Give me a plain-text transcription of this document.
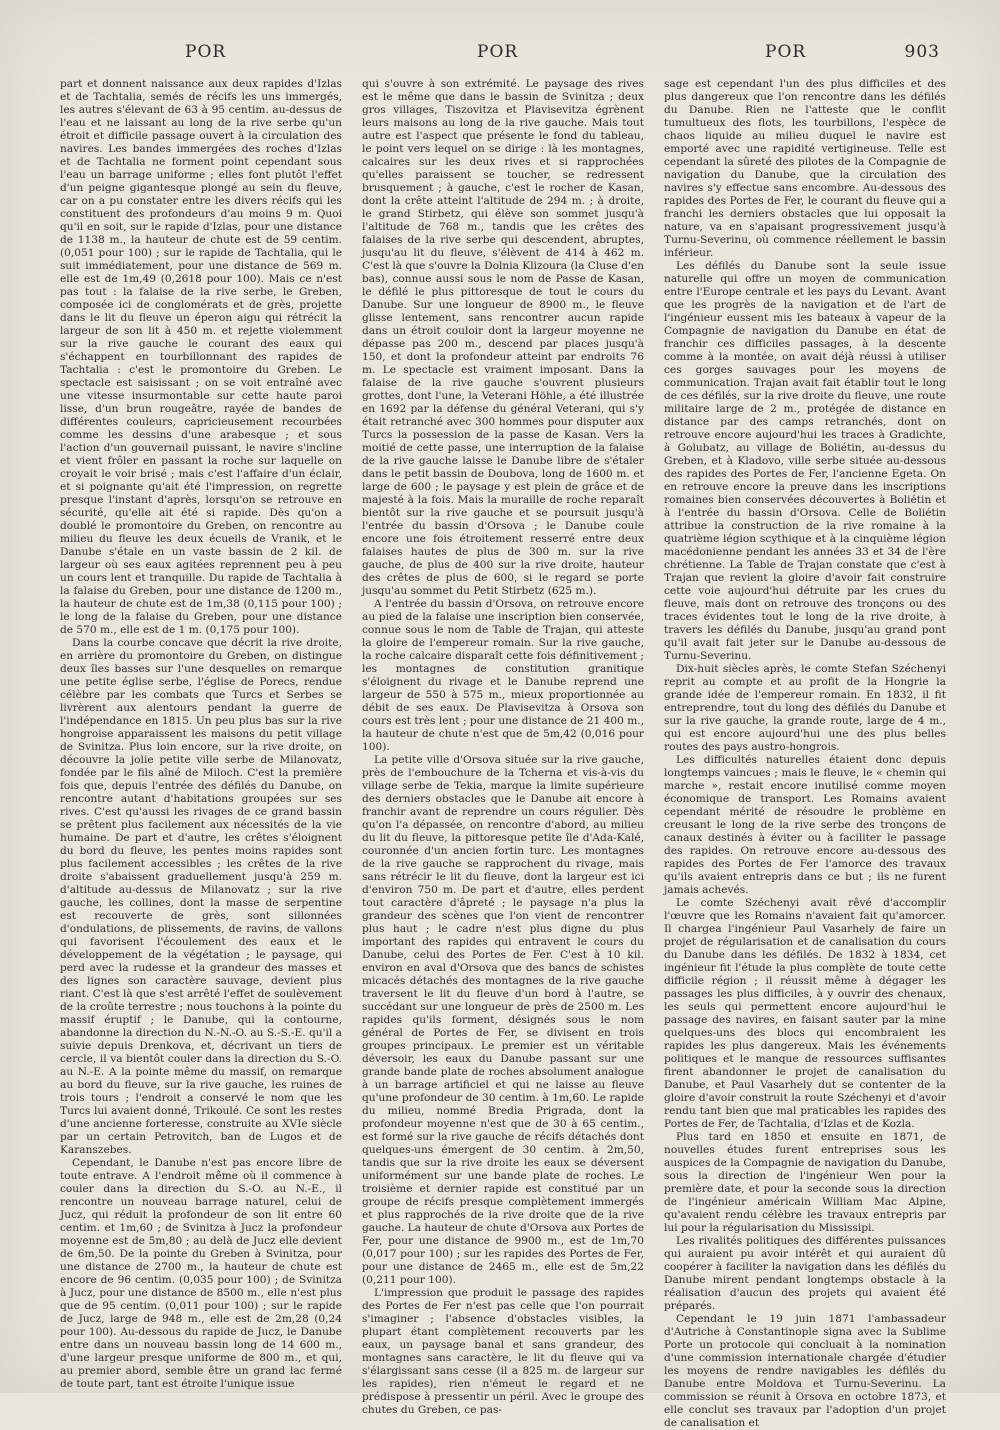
POR	POR	POR	903

part et donnent naissance aux deux rapides d'Izlas et de Tachtalia, semés de récifs les uns immergés, les autres s'élevant de 63 à 95 centim. au-dessus de l'eau et ne laissant au long de la rive serbe qu'un étroit et difficile passage ouvert à la circulation des navires. Les bandes immergées des roches d'Izlas et de Tachtalia ne forment point cependant sous l'eau un barrage uniforme ; elles font plutôt l'effet d'un peigne gigantesque plongé au sein du fleuve, car on a pu constater entre les divers récifs qui les constituent des profondeurs d'au moins 9 m. Quoi qu'il en soit, sur le rapide d'Izlas, pour une distance de 1138 m., la hauteur de chute est de 59 centim. (0,051 pour 100) ; sur le rapide de Tachtalia, qui le suit immédiatement, pour une distance de 569 m. elle est de 1m,49 (0,2618 pour 100). Mais ce n'est pas tout : la falaise de la rive serbe, le Greben, composée ici de conglomérats et de grès, projette dans le lit du fleuve un éperon aigu qui rétrécit la largeur de son lit à 450 m. et rejette violemment sur la rive gauche le courant des eaux qui s'échappent en tourbillonnant des rapides de Tachtalia : c'est le promontoire du Greben. Le spectacle est saisissant ; on se voit entraîné avec une vitesse insurmontable sur cette haute paroi lisse, d'un brun rougeâtre, rayée de bandes de différentes couleurs, capricieusement recourbées comme les dessins d'une arabesque ; et sous l'action d'un gouvernail puissant, le navire s'incline et vient frôler en passant la roche sur laquelle on croyait le voir brisé ; mais c'est l'affaire d'un éclair, et si poignante qu'ait été l'impression, on regrette presque l'instant d'après, lorsqu'on se retrouve en sécurité, qu'elle ait été si rapide. Dès qu'on a doublé le promontoire du Greben, on rencontre au milieu du fleuve les deux écueils de Vranik, et le Danube s'étale en un vaste bassin de 2 kil. de largeur où ses eaux agitées reprennent peu à peu un cours lent et tranquille. Du rapide de Tachtalia à la falaise du Greben, pour une distance de 1200 m., la hauteur de chute est de 1m,38 (0,115 pour 100) ; le long de la falaise du Greben, pour une distance de 570 m., elle est de 1 m. (0,175 pour 100).

Dans la courbe concave que décrit la rive droite, en arrière du promontoire du Greben, on distingue deux îles basses sur l'une desquelles on remarque une petite église serbe, l'église de Porecs, rendue célèbre par les combats que Turcs et Serbes se livrèrent aux alentours pendant la guerre de l'indépendance en 1815. Un peu plus bas sur la rive hongroise apparaissent les maisons du petit village de Svinitza. Plus loin encore, sur la rive droite, on découvre la jolie petite ville serbe de Milanovatz, fondée par le fils aîné de Miloch. C'est la première fois que, depuis l'entrée des défilés du Danube, on rencontre autant d'habitations groupées sur ses rives. C'est qu'aussi les rivages de ce grand bassin se prêtent plus facilement aux nécessités de la vie humaine. De part et d'autre, les crêtes s'éloignent du bord du fleuve, les pentes moins rapides sont plus facilement accessibles ; les crêtes de la rive droite s'abaissent graduellement jusqu'à 259 m. d'altitude au-dessus de Milanovatz ; sur la rive gauche, les collines, dont la masse de serpentine est recouverte de grès, sont sillonnées d'ondulations, de plissements, de ravins, de vallons qui favorisent l'écoulement des eaux et le développement de la végétation ; le paysage, qui perd avec la rudesse et la grandeur des masses et des lignes son caractère sauvage, devient plus riant. C'est là que s'est arrêté l'effet de soulèvement de la croûte terrestre ; nous touchons à la pointe du massif éruptif ; le Danube, qui la contourne, abandonne la direction du N.-N.-O. au S.-S.-E. qu'il a suivie depuis Drenkova, et, décrivant un tiers de cercle, il va bientôt couler dans la direction du S.-O. au N.-E. A la pointe même du massif, on remarque au bord du fleuve, sur la rive gauche, les ruines de trois tours ; l'endroit a conservé le nom que les Turcs lui avaient donné, Trikoulé. Ce sont les restes d'une ancienne forteresse, construite au XVIe siècle par un certain Petrovitch, ban de Lugos et de Karanszebes.

Cependant, le Danube n'est pas encore libre de toute entrave. A l'endroit même où il commence à couler dans la direction du S.-O. au N.-E., il rencontre un nouveau barrage naturel, celui de Jucz, qui réduit la profondeur de son lit entre 60 centim. et 1m,60 ; de Svinitza à Jucz la profondeur moyenne est de 5m,80 ; au delà de Jucz elle devient de 6m,50. De la pointe du Greben à Svinitza, pour une distance de 2700 m., la hauteur de chute est encore de 96 centim. (0,035 pour 100) ; de Svinitza à Jucz, pour une distance de 8500 m., elle n'est plus que de 95 centim. (0,011 pour 100) ; sur le rapide de Jucz, large de 948 m., elle est de 2m,28 (0,24 pour 100). Au-dessous du rapide de Jucz, le Danube entre dans un nouveau bassin long de 14 600 m., d'une largeur presque uniforme de 800 m., et qui, au premier abord, semble être un grand lac fermé de toute part, tant est étroite l'unique issue

qui s'ouvre à son extrémité. Le paysage des rives est le même que dans le bassin de Svinitza ; deux gros villages, Tiszovitza et Plavisevitza égrènent leurs maisons au long de la rive gauche. Mais tout autre est l'aspect que présente le fond du tableau, le point vers lequel on se dirige : là les montagnes, calcaires sur les deux rives et si rapprochées qu'elles paraissent se toucher, se redressent brusquement ; à gauche, c'est le rocher de Kasan, dont la crête atteint l'altitude de 294 m. ; à droite, le grand Stirbetz, qui élève son sommet jusqu'à l'altitude de 768 m., tandis que les crêtes des falaises de la rive serbe qui descendent, abruptes, jusqu'au lit du fleuve, s'élèvent de 414 à 462 m. C'est là que s'ouvre la Dolnia Klizoura (la Cluse d'en bas), connue aussi sous le nom de Passe de Kasan, le défilé le plus pittoresque de tout le cours du Danube. Sur une longueur de 8900 m., le fleuve glisse lentement, sans rencontrer aucun rapide dans un étroit couloir dont la largeur moyenne ne dépasse pas 200 m., descend par places jusqu'à 150, et dont la profondeur atteint par endroits 76 m. Le spectacle est vraiment imposant. Dans la falaise de la rive gauche s'ouvrent plusieurs grottes, dont l'une, la Veterani Höhle, a été illustrée en 1692 par la défense du général Veterani, qui s'y était retranché avec 300 hommes pour disputer aux Turcs la possession de la passe de Kasan. Vers la moitié de cette passe, une interruption de la falaise de la rive gauche laisse le Danube libre de s'étaler dans le petit bassin de Doubova, long de 1600 m. et large de 600 ; le paysage y est plein de grâce et de majesté à la fois. Mais la muraille de roche reparaît bientôt sur la rive gauche et se poursuit jusqu'à l'entrée du bassin d'Orsova ; le Danube coule encore une fois étroitement resserré entre deux falaises hautes de plus de 300 m. sur la rive gauche, de plus de 400 sur la rive droite, hauteur des crêtes de plus de 600, si le regard se porte jusqu'au sommet du Petit Stirbetz (625 m.).

A l'entrée du bassin d'Orsova, on retrouve encore au pied de la falaise une inscription bien conservée, connue sous le nom de Table de Trajan, qui atteste la gloire de l'empereur romain. Sur la rive gauche, la roche calcaire disparaît cette fois définitivement ; les montagnes de constitution granitique s'éloignent du rivage et le Danube reprend une largeur de 550 à 575 m., mieux proportionnée au débit de ses eaux. De Plavisevitza à Orsova son cours est très lent ; pour une distance de 21 400 m., la hauteur de chute n'est que de 5m,42 (0,016 pour 100).

La petite ville d'Orsova située sur la rive gauche, près de l'embouchure de la Tcherna et vis-à-vis du village serbe de Tekia, marque la limite supérieure des derniers obstacles que le Danube ait encore à franchir avant de reprendre un cours régulier. Dès qu'on l'a dépassée, on rencontre d'abord, au milieu du lit du fleuve, la pittoresque petite île d'Ada-Kalé, couronnée d'un ancien fortin turc. Les montagnes de la rive gauche se rapprochent du rivage, mais sans rétrécir le lit du fleuve, dont la largeur est ici d'environ 750 m. De part et d'autre, elles perdent tout caractère d'âpreté ; le paysage n'a plus la grandeur des scènes que l'on vient de rencontrer plus haut ; le cadre n'est plus digne du plus important des rapides qui entravent le cours du Danube, celui des Portes de Fer. C'est à 10 kil. environ en aval d'Orsova que des bancs de schistes micacés détachés des montagnes de la rive gauche traversent le lit du fleuve d'un bord à l'autre, se succédant sur une longueur de près de 2500 m. Les rapides qu'ils forment, désignés sous le nom général de Portes de Fer, se divisent en trois groupes principaux. Le premier est un véritable déversoir, les eaux du Danube passant sur une grande bande plate de roches absolument analogue à un barrage artificiel et qui ne laisse au fleuve qu'une profondeur de 30 centim. à 1m,60. Le rapide du milieu, nommé Bredia Prigrada, dont la profondeur moyenne n'est que de 30 à 65 centim., est formé sur la rive gauche de récifs détachés dont quelques-uns émergent de 30 centim. à 2m,50, tandis que sur la rive droite les eaux se déversent uniformément sur une bande plate de roches. Le troisième et dernier rapide est constitué par un groupe de récifs presque complètement immergés et plus rapprochés de la rive droite que de la rive gauche. La hauteur de chute d'Orsova aux Portes de Fer, pour une distance de 9900 m., est de 1m,70 (0,017 pour 100) ; sur les rapides des Portes de Fer, pour une distance de 2465 m., elle est de 5m,22 (0,211 pour 100).

L'impression que produit le passage des rapides des Portes de Fer n'est pas celle que l'on pourrait s'imaginer ; l'absence d'obstacles visibles, la plupart étant complètement recouverts par les eaux, un paysage banal et sans grandeur, des montagnes sans caractère, le lit du fleuve qui va s'élargissant sans cesse (il a 825 m. de largeur sur les rapides), rien n'émeut le regard et ne prédispose à pressentir un péril. Avec le groupe des chutes du Greben, ce pas-

sage est cependant l'un des plus difficiles et des plus dangereux que l'on rencontre dans les défilés du Danube. Rien ne l'atteste que le conflit tumultueux des flots, les tourbillons, l'espèce de chaos liquide au milieu duquel le navire est emporté avec une rapidité vertigineuse. Telle est cependant la sûreté des pilotes de la Compagnie de navigation du Danube, que la circulation des navires s'y effectue sans encombre. Au-dessous des rapides des Portes de Fer, le courant du fleuve qui a franchi les derniers obstacles que lui opposait la nature, va en s'apaisant progressivement jusqu'à Turnu-Severinu, où commence réellement le bassin inférieur.

Les défilés du Danube sont la seule issue naturelle qui offre un moyen de communication entre l'Europe centrale et les pays du Levant. Avant que les progrès de la navigation et de l'art de l'ingénieur eussent mis les bateaux à vapeur de la Compagnie de navigation du Danube en état de franchir ces difficiles passages, à la descente comme à la montée, on avait déjà réussi à utiliser ces gorges sauvages pour les moyens de communication. Trajan avait fait établir tout le long de ces défilés, sur la rive droite du fleuve, une route militaire large de 2 m., protégée de distance en distance par des camps retranchés, dont on retrouve encore aujourd'hui les traces à Gradichte, à Golubatz, au village de Boliétin, au-dessus du Greben, et à Kladovo, ville serbe située au-dessous des rapides des Portes de Fer, l'ancienne Egeta. On en retrouve encore la preuve dans les inscriptions romaines bien conservées découvertes à Boliétin et à l'entrée du bassin d'Orsova. Celle de Boliétin attribue la construction de la rive romaine à la quatrième légion scythique et à la cinquième légion macédonienne pendant les années 33 et 34 de l'ère chrétienne. La Table de Trajan constate que c'est à Trajan que revient la gloire d'avoir fait construire cette voie aujourd'hui détruite par les crues du fleuve, mais dont on retrouve des tronçons ou des traces évidentes tout le long de la rive droite, à travers les défilés du Danube, jusqu'au grand pont qu'il avait fait jeter sur le Danube au-dessous de Turnu-Severinu.

Dix-huit siècles après, le comte Stefan Széchenyi reprit au compte et au profit de la Hongrie la grande idée de l'empereur romain. En 1832, il fit entreprendre, tout du long des défilés du Danube et sur la rive gauche, la grande route, large de 4 m., qui est encore aujourd'hui une des plus belles routes des pays austro-hongrois.

Les difficultés naturelles étaient donc depuis longtemps vaincues ; mais le fleuve, le « chemin qui marche », restait encore inutilisé comme moyen économique de transport. Les Romains avaient cependant mérité de résoudre le problème en creusant le long de la rive serbe des tronçons de canaux destinés à éviter ou à faciliter le passage des rapides. On retrouve encore au-dessous des rapides des Portes de Fer l'amorce des travaux qu'ils avaient entrepris dans ce but ; ils ne furent jamais achevés.

Le comte Széchenyi avait rêvé d'accomplir l'œuvre que les Romains n'avaient fait qu'amorcer. Il chargea l'ingénieur Paul Vasarhely de faire un projet de régularisation et de canalisation du cours du Danube dans les défilés. De 1832 à 1834, cet ingénieur fit l'étude la plus complète de toute cette difficile région ; il réussit même à dégager les passages les plus difficiles, à y ouvrir des chenaux, les seuls qui permettent encore aujourd'hui le passage des navires, en faisant sauter par la mine quelques-uns des blocs qui encombraient les rapides les plus dangereux. Mais les événements politiques et le manque de ressources suffisantes firent abandonner le projet de canalisation du Danube, et Paul Vasarhely dut se contenter de la gloire d'avoir construit la route Széchenyi et d'avoir rendu tant bien que mal praticables les rapides des Portes de Fer, de Tachtalia, d'Izlas et de Kozla.

Plus tard en 1850 et ensuite en 1871, de nouvelles études furent entreprises sous les auspices de la Compagnie de navigation du Danube, sous la direction de l'ingénieur Wen pour la première date, et pour la seconde sous la direction de l'ingénieur américain William Mac Alpine, qu'avaient rendu célèbre les travaux entrepris par lui pour la régularisation du Mississipi.

Les rivalités politiques des différentes puissances qui auraient pu avoir intérêt et qui auraient dû coopérer à faciliter la navigation dans les défilés du Danube mirent pendant longtemps obstacle à la réalisation d'aucun des projets qui avaient été préparés.

Cependant le 19 juin 1871 l'ambassadeur d'Autriche à Constantinople signa avec la Sublime Porte un protocole qui concluait à la nomination d'une commission internationale chargée d'étudier les moyens de rendre navigables les défilés du Danube entre Moldova et Turnu-Severinu. La commission se réunit à Orsova en octobre 1873, et elle conclut ses travaux par l'adoption d'un projet de canalisation et
